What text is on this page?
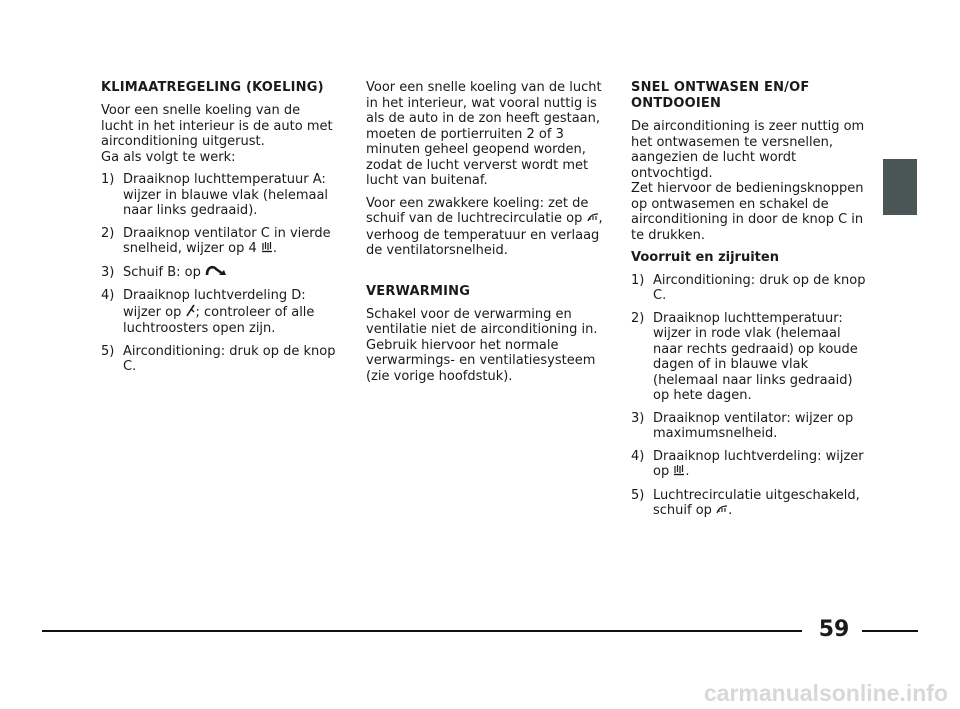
KLIMAATREGELING (KOELING)
Voor een snelle koeling van de lucht in het interieur is de auto met airconditioning uitgerust.
Ga als volgt te werk:
1) Draaiknop luchttemperatuur A: wijzer in blauwe vlak (helemaal naar links gedraaid).
2) Draaiknop ventilator C in vierde snelheid, wijzer op 4 .
3) Schuif B: op
4) Draaiknop luchtverdeling D: wijzer op ; controleer of alle luchtroosters open zijn.
5) Airconditioning: druk op de knop C.
Voor een snelle koeling van de lucht in het interieur, wat vooral nuttig is als de auto in de zon heeft gestaan, moeten de portierruiten 2 of 3 minuten geheel geopend worden, zodat de lucht ververst wordt met lucht van buitenaf.
Voor een zwakkere koeling: zet de schuif van de luchtrecirculatie op , verhoog de temperatuur en verlaag de ventilatorsnelheid.
VERWARMING
Schakel voor de verwarming en ventilatie niet de airconditioning in. Gebruik hiervoor het normale verwarmings- en ventilatiesysteem (zie vorige hoofdstuk).
SNEL ONTWASEN EN/OF ONTDOOIEN
De airconditioning is zeer nuttig om het ontwasemen te versnellen, aangezien de lucht wordt ontvochtigd.
Zet hiervoor de bedieningsknoppen op ontwasemen en schakel de airconditioning in door de knop C in te drukken.
Voorruit en zijruiten
1) Airconditioning: druk op de knop C.
2) Draaiknop luchttemperatuur: wijzer in rode vlak (helemaal naar rechts gedraaid) op koude dagen of in blauwe vlak (helemaal naar links gedraaid) op hete dagen.
3) Draaiknop ventilator: wijzer op maximumsnelheid.
4) Draaiknop luchtverdeling: wijzer op .
5) Luchtrecirculatie uitgeschakeld, schuif op .
59
carmanualsonline.info
